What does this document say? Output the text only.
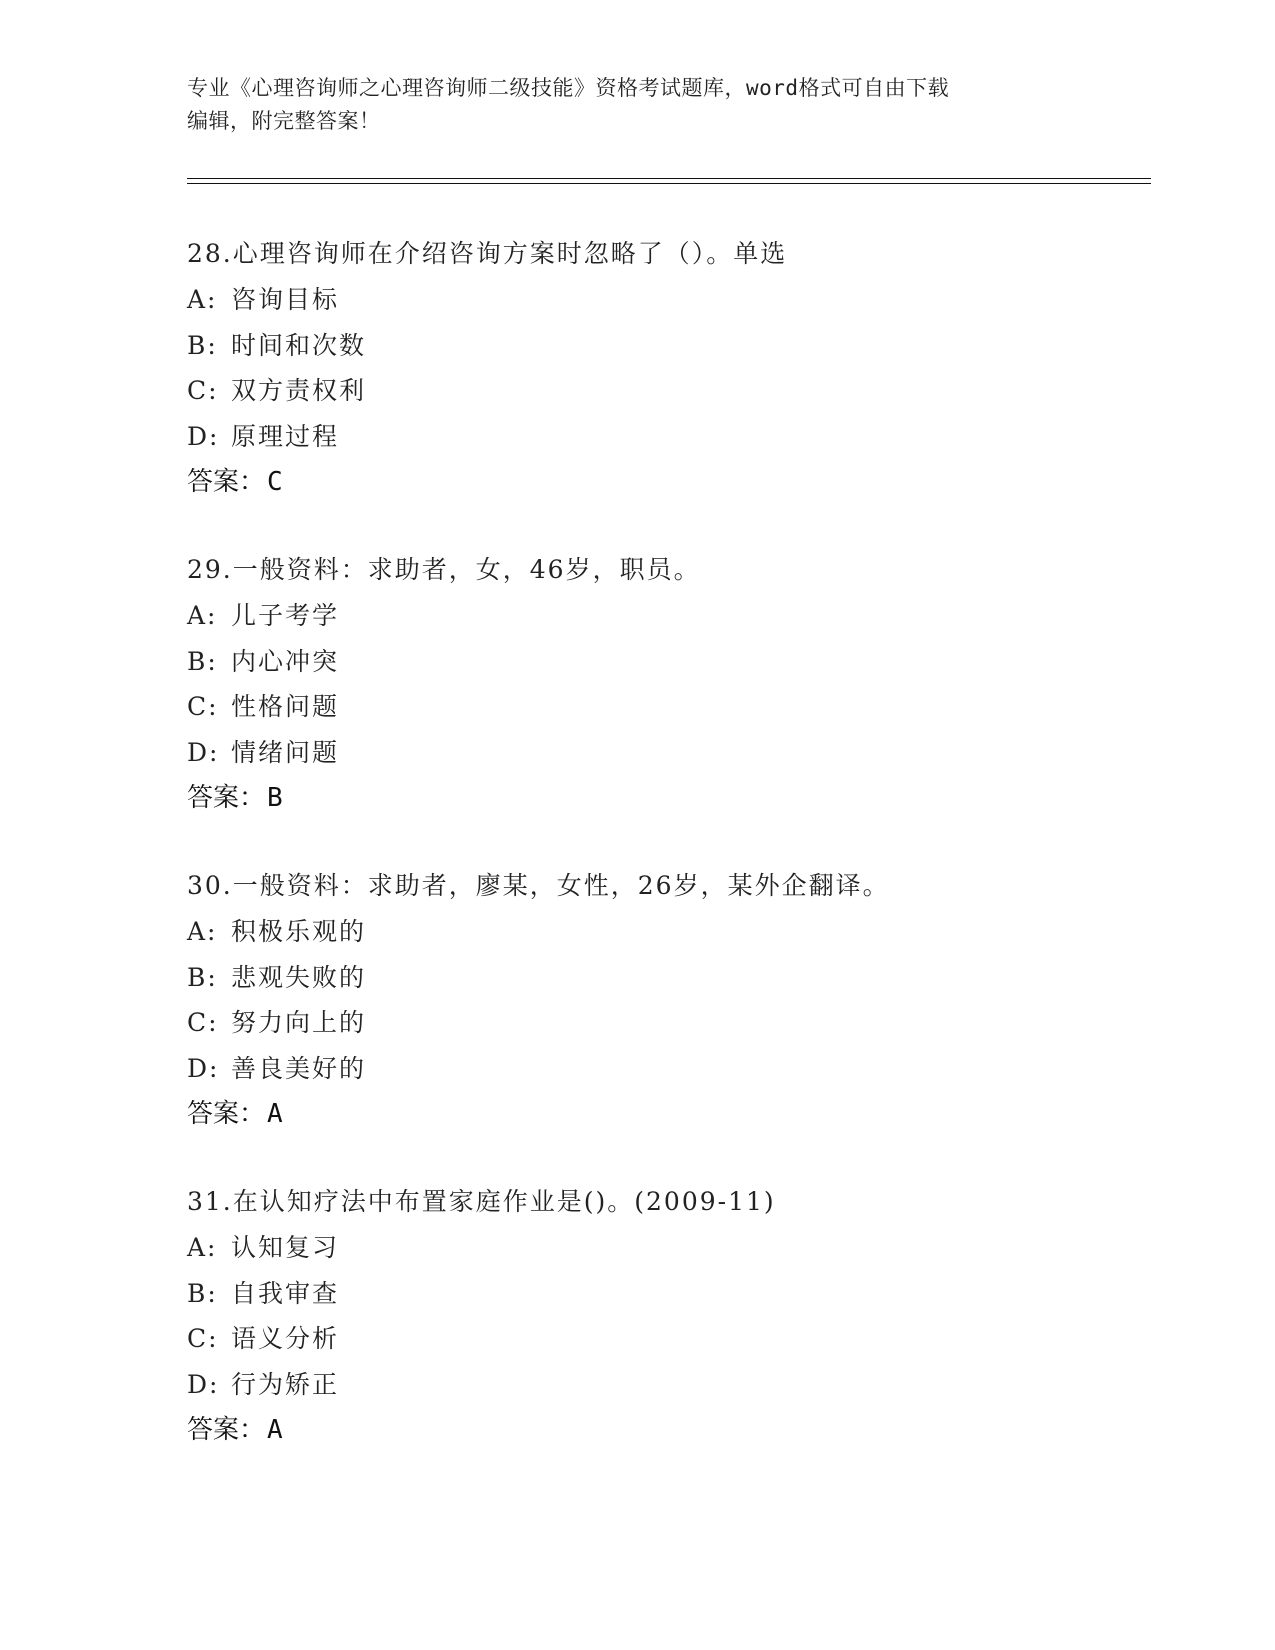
专业《心理咨询师之心理咨询师二级技能》资格考试题库，word格式可自由下载
编辑，附完整答案！
28.心理咨询师在介绍咨询方案时忽略了（）。单选
A: 咨询目标
B: 时间和次数
C: 双方责权利
D: 原理过程
答案：C
29.一般资料：求助者，女，46岁，职员。
A: 儿子考学
B: 内心冲突
C: 性格问题
D: 情绪问题
答案：B
30.一般资料：求助者，廖某，女性，26岁，某外企翻译。
A: 积极乐观的
B: 悲观失败的
C: 努力向上的
D: 善良美好的
答案：A
31.在认知疗法中布置家庭作业是()。(2009-11)
A: 认知复习
B: 自我审查
C: 语义分析
D: 行为矫正
答案：A
